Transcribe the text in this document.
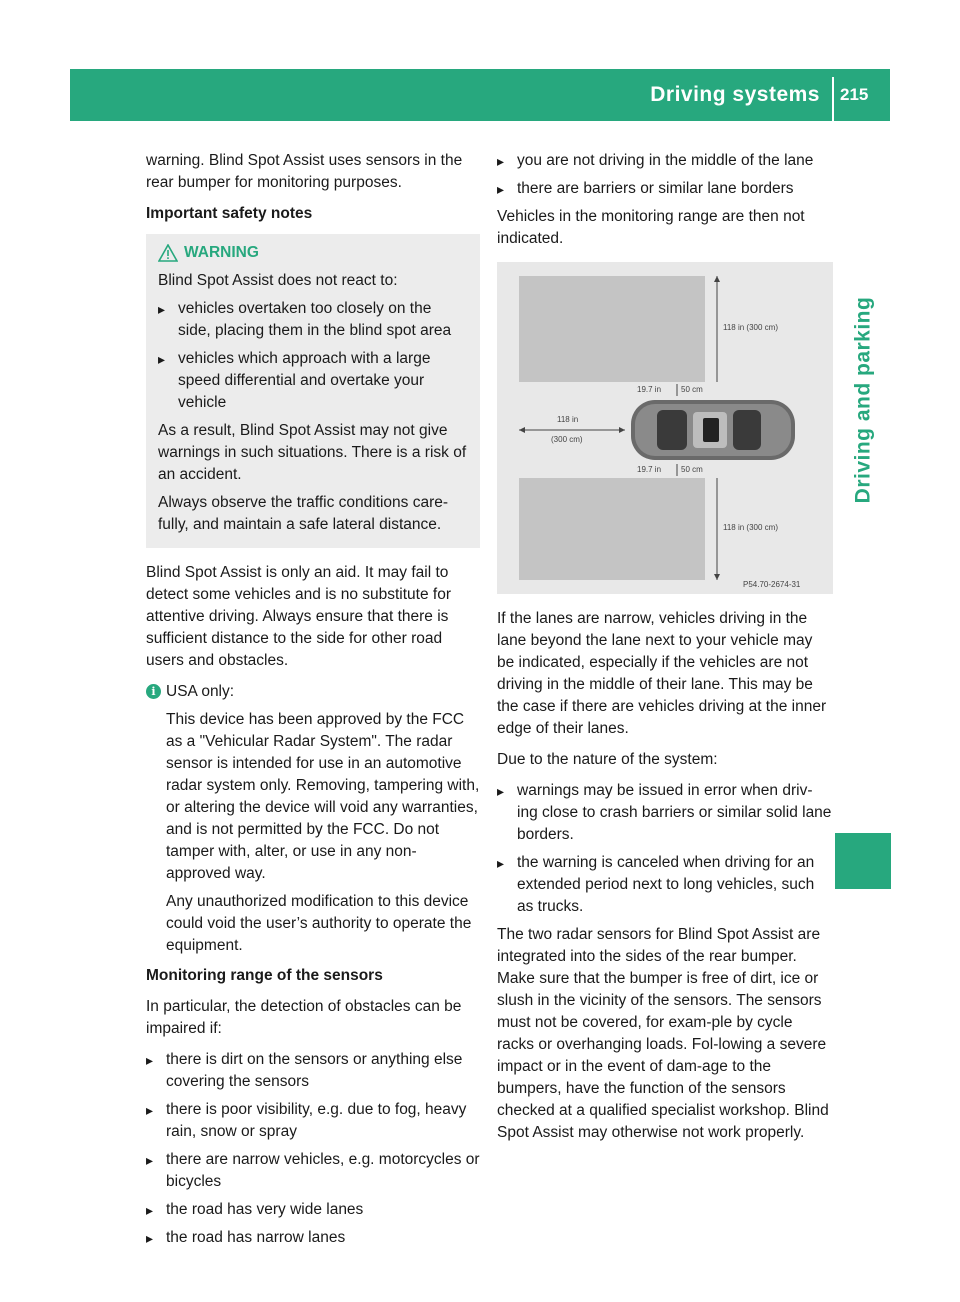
Driving systems	215
Driving and parking

warning. Blind Spot Assist uses sensors in the rear bumper for monitoring purposes.

Important safety notes
WARNING

Blind Spot Assist does not react to:

▸ vehicles overtaken too closely on the side, placing them in the blind spot area
▸ vehicles which approach with a large speed differential and overtake your vehicle

As a result, Blind Spot Assist may not give warnings in such situations. There is a risk of an accident.

Always observe the traffic conditions care-fully, and maintain a safe lateral distance.

Blind Spot Assist is only an aid. It may fail to detect some vehicles and is no substitute for attentive driving. Always ensure that there is sufficient distance to the side for other road users and obstacles.

i USA only:

This device has been approved by the FCC as a "Vehicular Radar System". The radar sensor is intended for use in an automotive radar system only. Removing, tampering with, or altering the device will void any warranties, and is not permitted by the FCC. Do not tamper with, alter, or use in any non-approved way.

Any unauthorized modification to this device could void the user’s authority to operate the equipment.

Monitoring range of the sensors

In particular, the detection of obstacles can be impaired if:

▸ there is dirt on the sensors or anything else covering the sensors
▸ there is poor visibility, e.g. due to fog, heavy rain, snow or spray
▸ there are narrow vehicles, e.g. motorcycles or bicycles
▸ the road has very wide lanes
▸ the road has narrow lanes
▸ you are not driving in the middle of the lane
▸ there are barriers or similar lane borders

Vehicles in the monitoring range are then not indicated.

118 in (300 cm)
118 in (300 cm)
19.7 in 50 cm
19.7 in 50 cm
118 in
(300 cm)
P54.70-2674-31

If the lanes are narrow, vehicles driving in the lane beyond the lane next to your vehicle may be indicated, especially if the vehicles are not driving in the middle of their lane. This may be the case if there are vehicles driving at the inner edge of their lanes.

Due to the nature of the system:

▸ warnings may be issued in error when driv-ing close to crash barriers or similar solid lane borders.
▸ the warning is canceled when driving for an extended period next to long vehicles, such as trucks.

The two radar sensors for Blind Spot Assist are integrated into the sides of the rear bumper. Make sure that the bumper is free of dirt, ice or slush in the vicinity of the sensors. The sensors must not be covered, for exam-ple by cycle racks or overhanging loads. Fol-lowing a severe impact or in the event of dam-age to the bumpers, have the function of the sensors checked at a qualified specialist workshop. Blind Spot Assist may otherwise not work properly.
